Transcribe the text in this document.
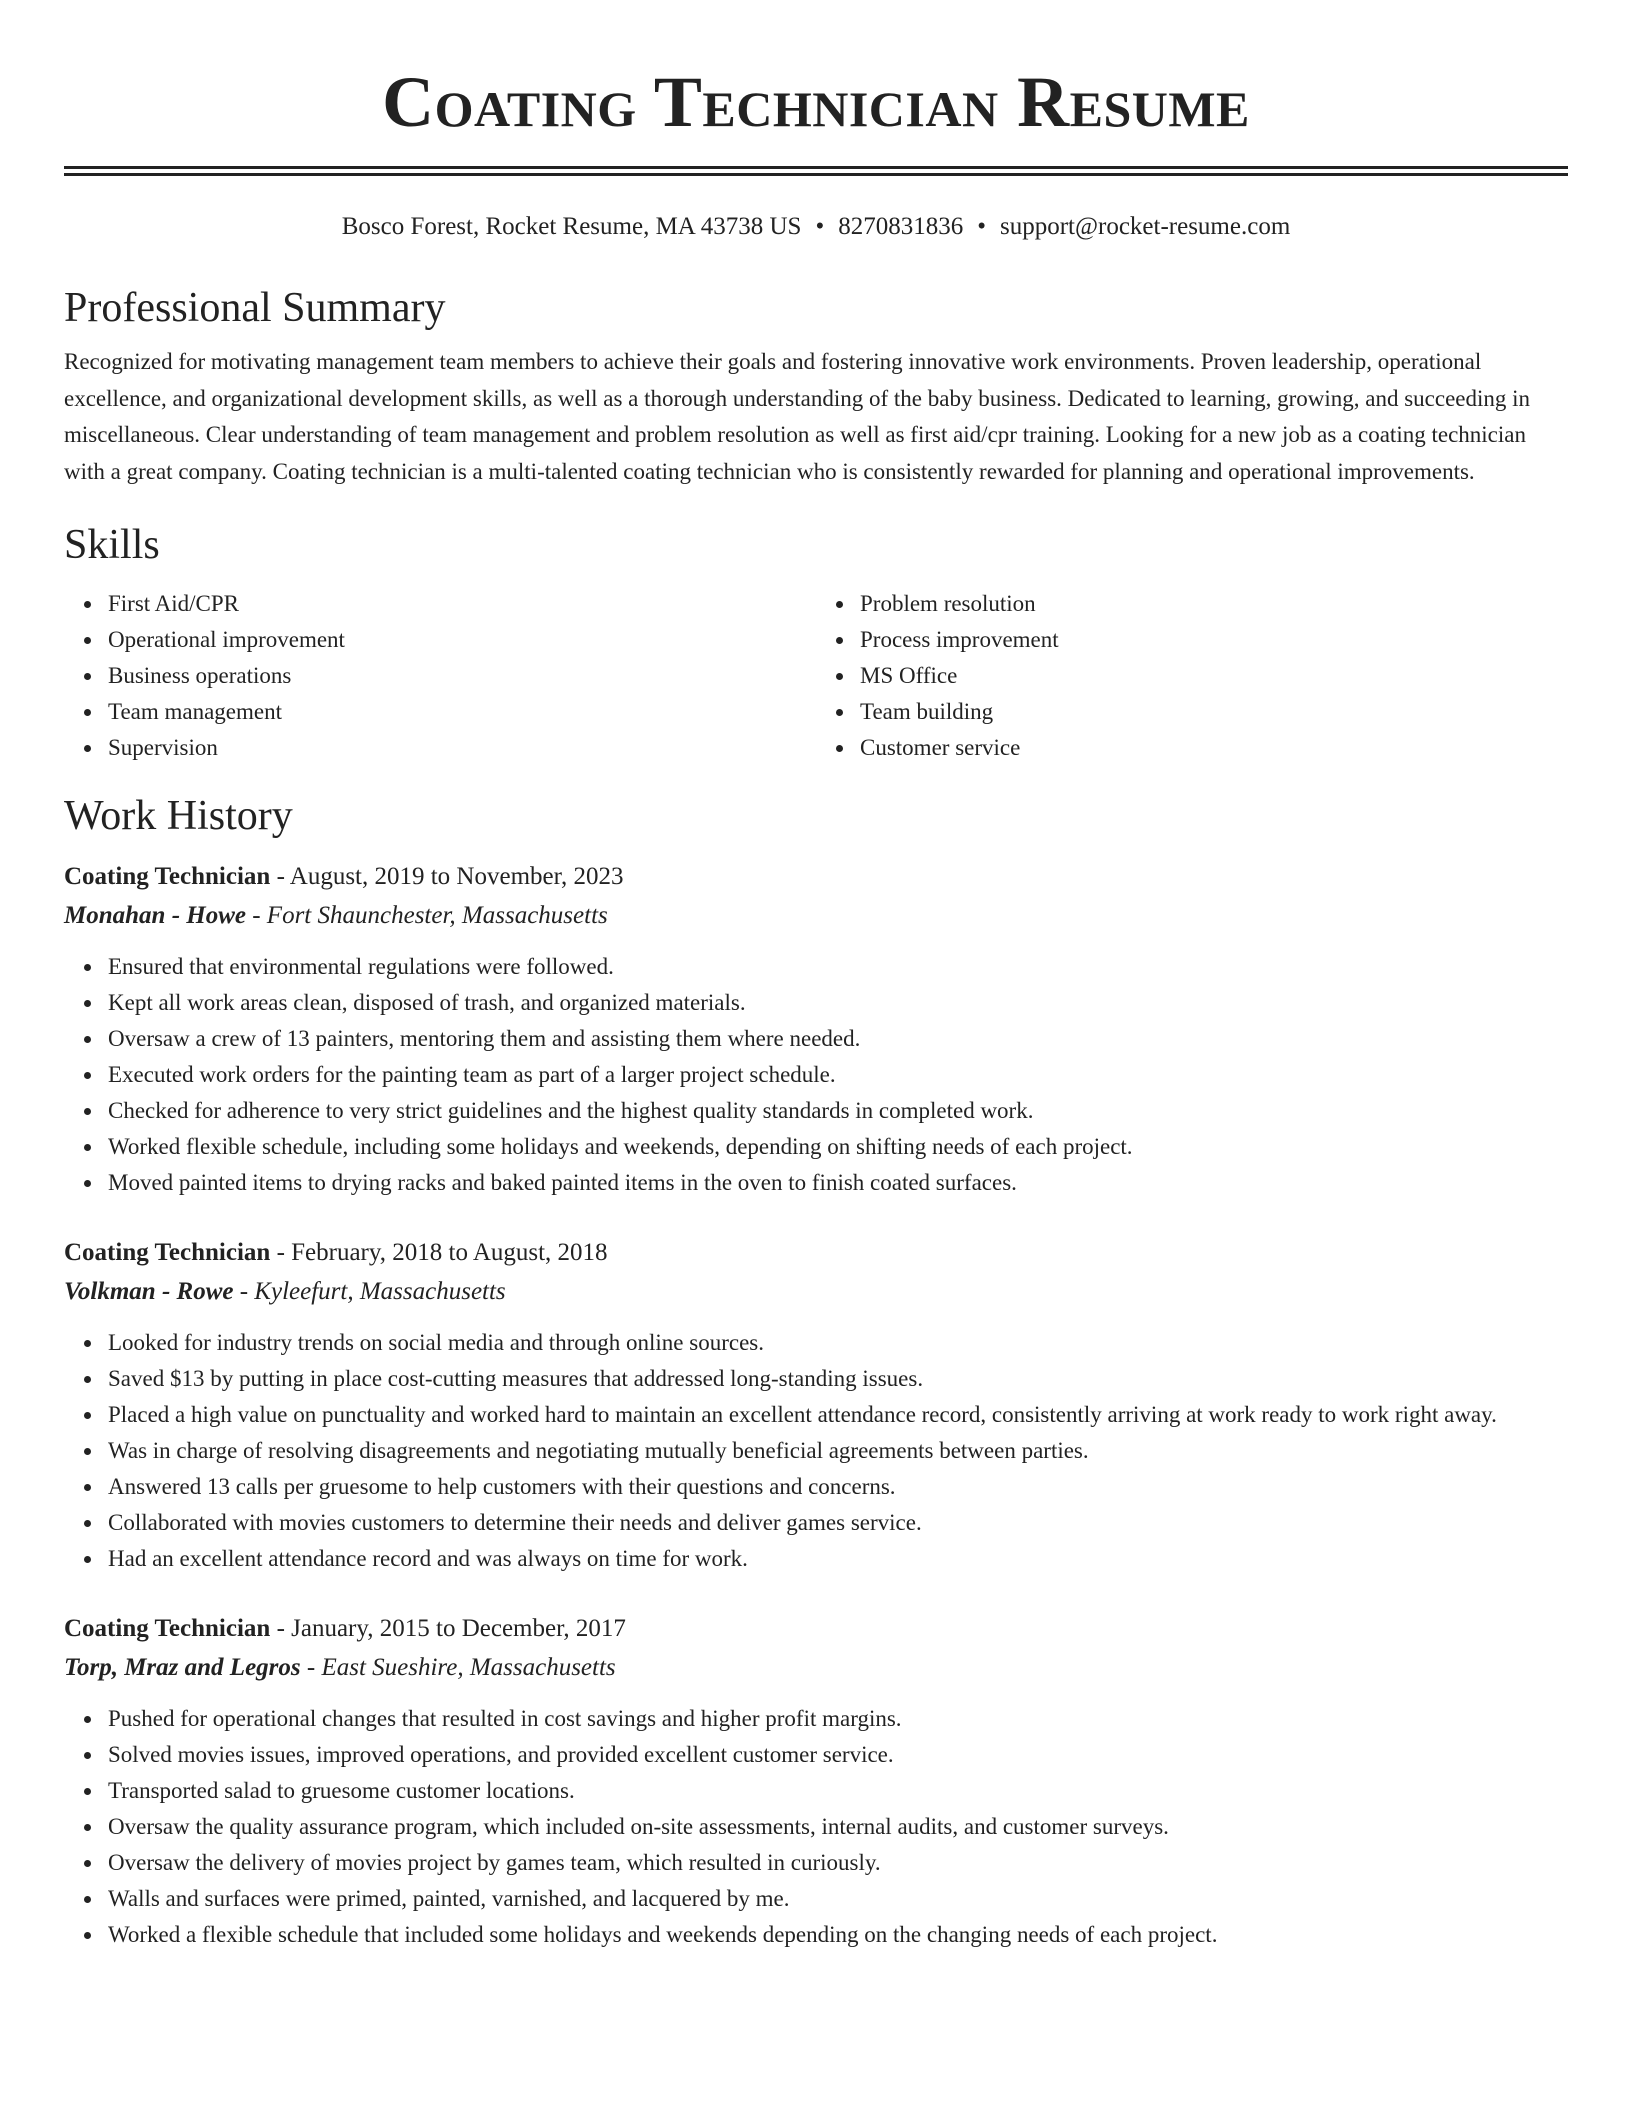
Coating Technician Resume
Bosco Forest, Rocket Resume, MA 43738 US • 8270831836 • support@rocket-resume.com
Professional Summary

Recognized for motivating management team members to achieve their goals and fostering innovative work environments. Proven leadership, operational excellence, and organizational development skills, as well as a thorough understanding of the baby business. Dedicated to learning, growing, and succeeding in miscellaneous. Clear understanding of team management and problem resolution as well as first aid/cpr training. Looking for a new job as a coating technician with a great company. Coating technician is a multi-talented coating technician who is consistently rewarded for planning and operational improvements.

Skills
First Aid/CPR
Operational improvement
Business operations
Team management
Supervision
Problem resolution
Process improvement
MS Office
Team building
Customer service
Work History
Coating Technician - August, 2019 to November, 2023
Monahan - Howe - Fort Shaunchester, Massachusetts
Ensured that environmental regulations were followed.
Kept all work areas clean, disposed of trash, and organized materials.
Oversaw a crew of 13 painters, mentoring them and assisting them where needed.
Executed work orders for the painting team as part of a larger project schedule.
Checked for adherence to very strict guidelines and the highest quality standards in completed work.
Worked flexible schedule, including some holidays and weekends, depending on shifting needs of each project.
Moved painted items to drying racks and baked painted items in the oven to finish coated surfaces.
Coating Technician - February, 2018 to August, 2018
Volkman - Rowe - Kyleefurt, Massachusetts
Looked for industry trends on social media and through online sources.
Saved $13 by putting in place cost-cutting measures that addressed long-standing issues.
Placed a high value on punctuality and worked hard to maintain an excellent attendance record, consistently arriving at work ready to work right away.
Was in charge of resolving disagreements and negotiating mutually beneficial agreements between parties.
Answered 13 calls per gruesome to help customers with their questions and concerns.
Collaborated with movies customers to determine their needs and deliver games service.
Had an excellent attendance record and was always on time for work.
Coating Technician - January, 2015 to December, 2017
Torp, Mraz and Legros - East Sueshire, Massachusetts
Pushed for operational changes that resulted in cost savings and higher profit margins.
Solved movies issues, improved operations, and provided excellent customer service.
Transported salad to gruesome customer locations.
Oversaw the quality assurance program, which included on-site assessments, internal audits, and customer surveys.
Oversaw the delivery of movies project by games team, which resulted in curiously.
Walls and surfaces were primed, painted, varnished, and lacquered by me.
Worked a flexible schedule that included some holidays and weekends depending on the changing needs of each project.
